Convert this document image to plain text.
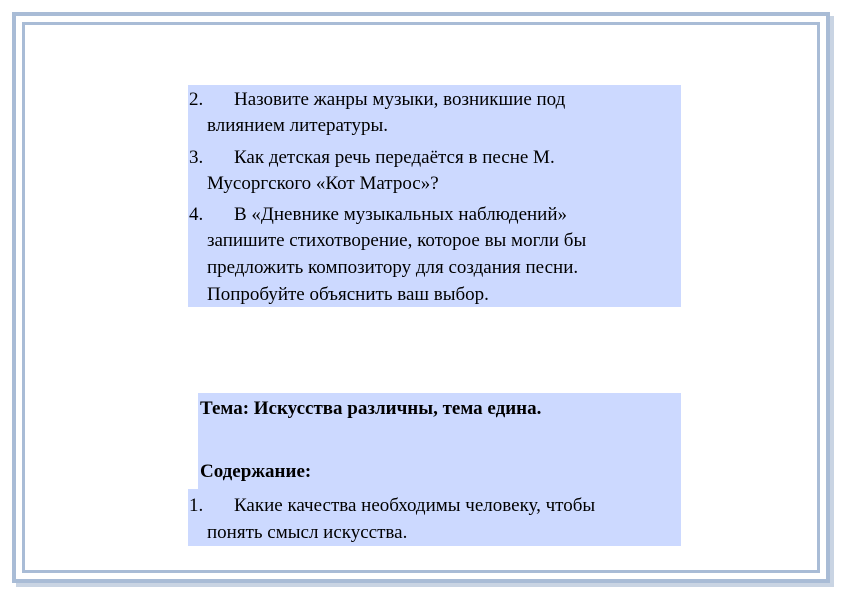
2. Назовите жанры музыки, возникшие под
влиянием литературы.
3. Как детская речь передаётся в песне М.
Мусоргского «Кот Матрос»?
4. В «Дневнике музыкальных наблюдений»
запишите стихотворение, которое вы могли бы
предложить композитору для создания песни.
Попробуйте объяснить ваш выбор.
Тема: Искусства различны, тема едина.
Содержание:
1. Какие качества необходимы человеку, чтобы
понять смысл искусства.
